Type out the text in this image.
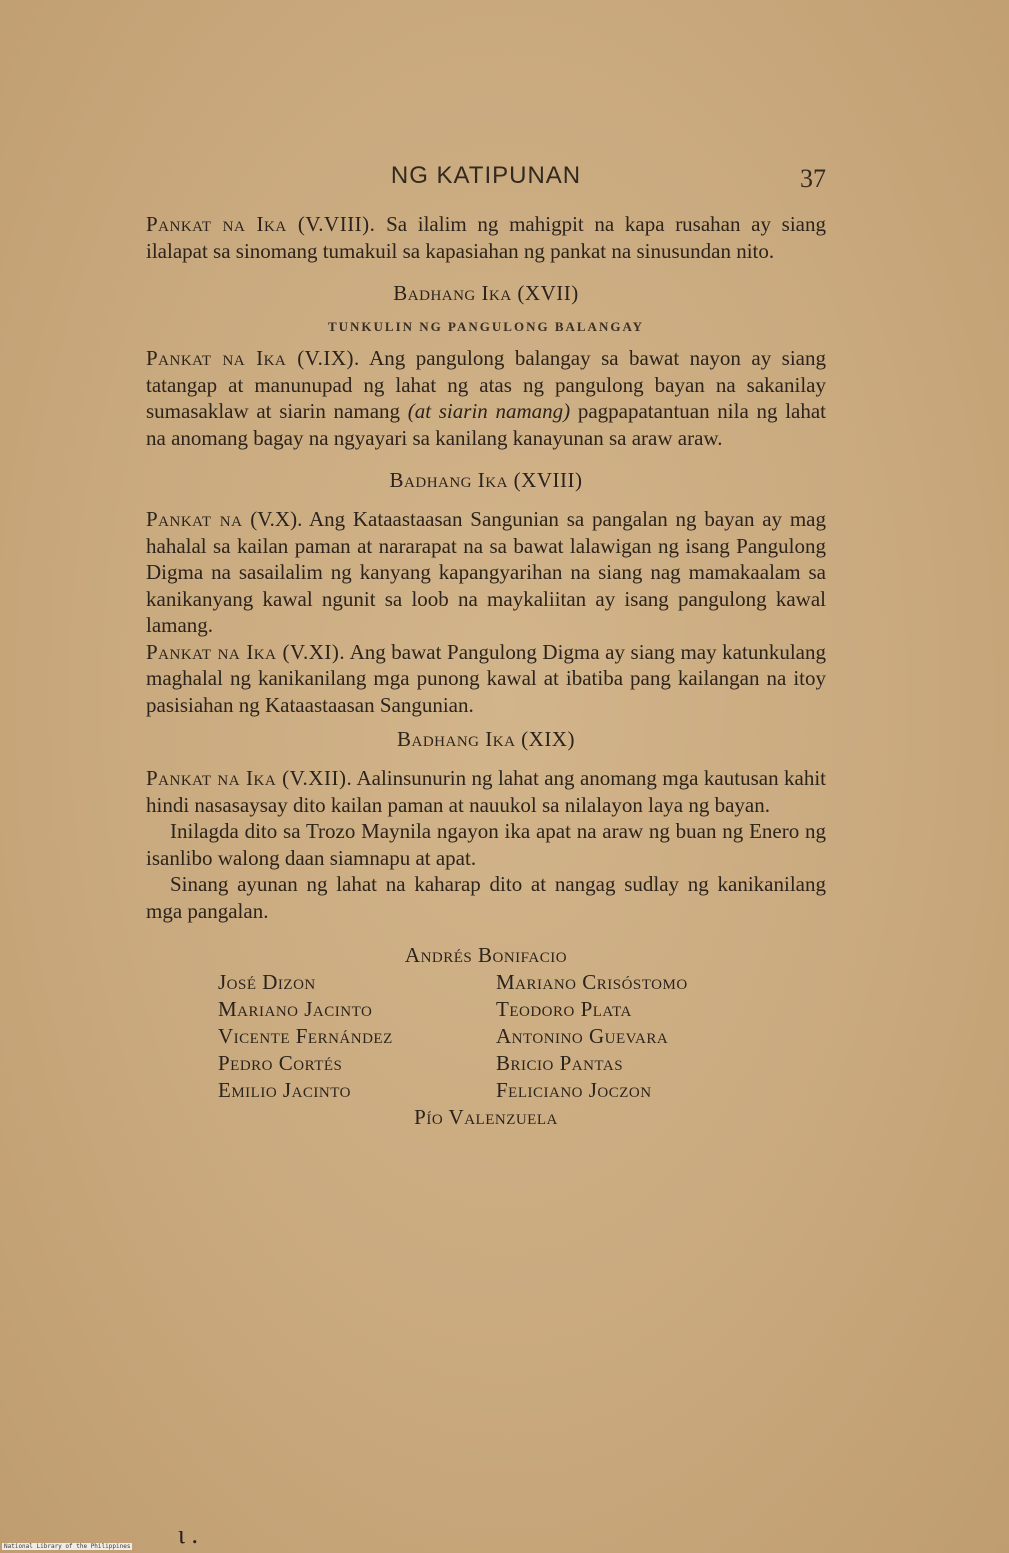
NG KATIPUNAN	37

Pankat na Ika (V.VIII). Sa ilalim ng mahigpit na kapa rusahan ay siang ilalapat sa sinomang tumakuil sa kapasiahan ng pankat na sinusundan nito.

Badhang Ika (XVII)
TUNKULIN NG PANGULONG BALANGAY

Pankat na Ika (V.IX). Ang pangulong balangay sa bawat nayon ay siang tatangap at manunupad ng lahat ng atas ng pangulong bayan na sakanilay sumasaklaw at siarin namang (at siarin namang) pagpapatantuan nila ng lahat na anomang bagay na ngyayari sa kanilang kanayunan sa araw araw.

Badhang Ika (XVIII)

Pankat na (V.X). Ang Kataastaasan Sangunian sa pangalan ng bayan ay mag hahalal sa kailan paman at nararapat na sa bawat lalawigan ng isang Pangulong Digma na sasailalim ng kanyang kapangyarihan na siang nag mamakaalam sa kanikanyang kawal ngunit sa loob na maykaliitan ay isang pangulong kawal lamang.

Pankat na Ika (V.XI). Ang bawat Pangulong Digma ay siang may katunkulang maghalal ng kanikanilang mga punong kawal at ibatiba pang kailangan na itoy pasisiahan ng Kataastaasan Sangunian.

Badhang Ika (XIX)

Pankat na Ika (V.XII). Aalinsunurin ng lahat ang anomang mga kautusan kahit hindi nasasaysay dito kailan paman at nauukol sa nilalayon laya ng bayan.

Inilagda dito sa Trozo Maynila ngayon ika apat na araw ng buan ng Enero ng isanlibo walong daan siamnapu at apat.

Sinang ayunan ng lahat na kaharap dito at nangag sudlay ng kanikanilang mga pangalan.

Andrés Bonifacio
José Dizon	Mariano Crisóstomo
Mariano Jacinto	Teodoro Plata
Vicente Fernández	Antonino Guevara
Pedro Cortés	Bricio Pantas
Emilio Jacinto	Feliciano Joczon
Pío Valenzuela
ι .
National Library of the Philippines
